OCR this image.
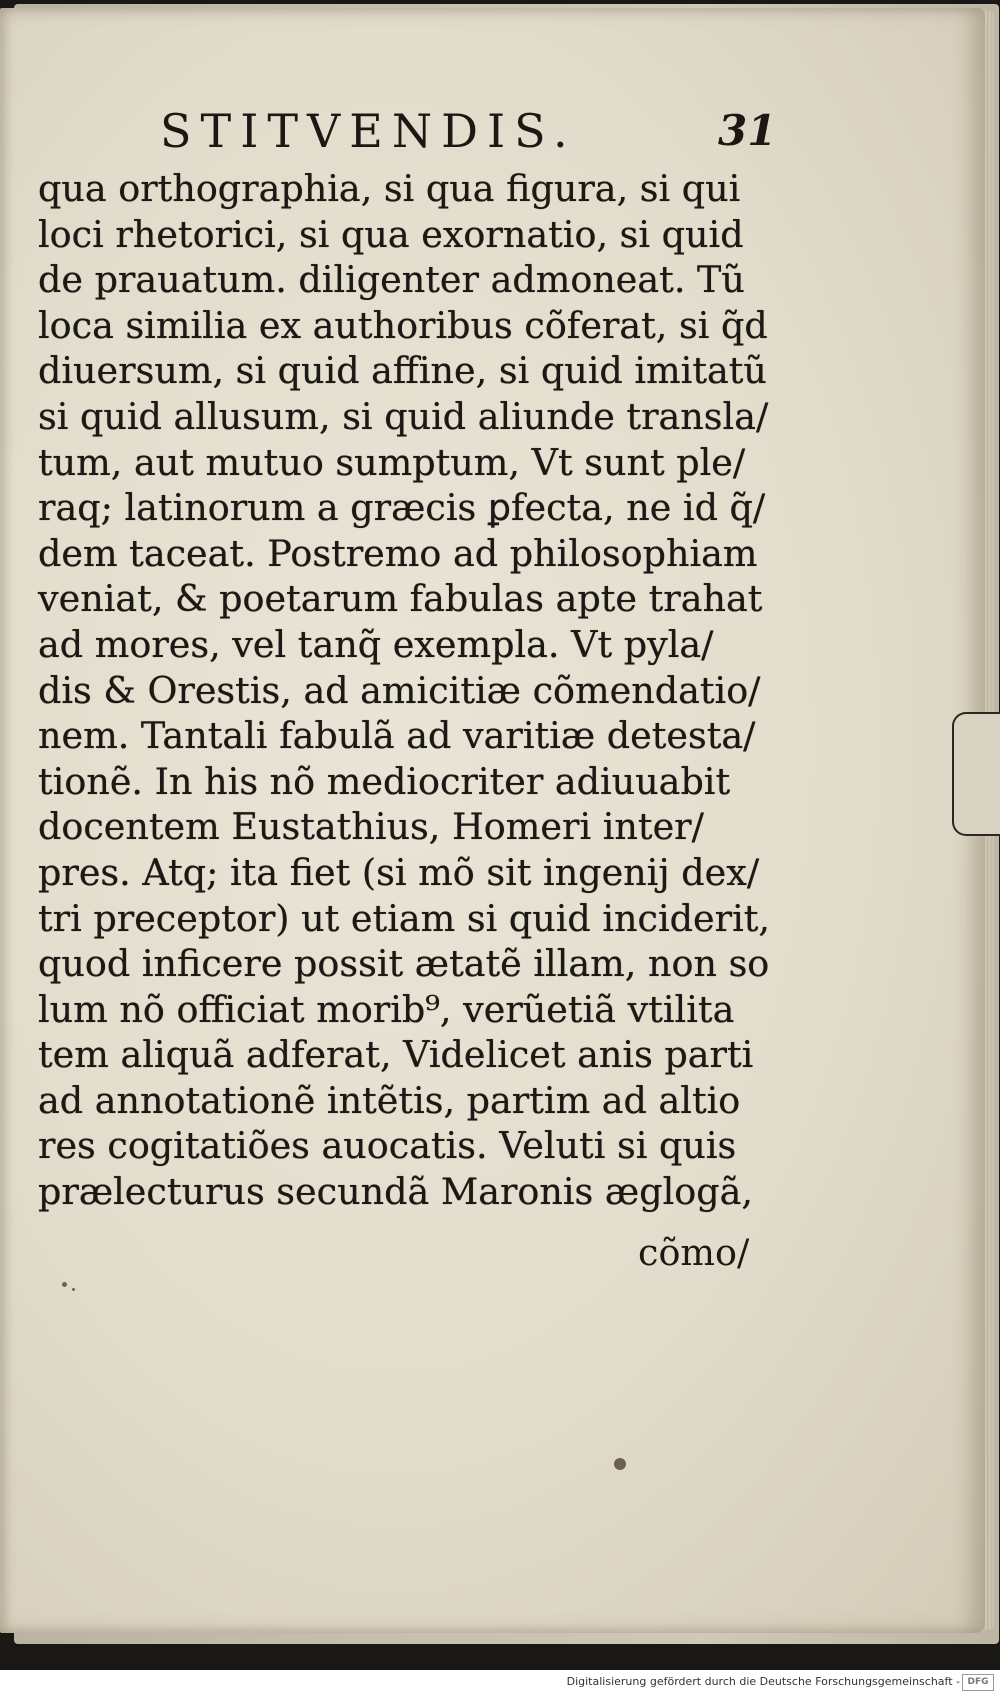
STITVENDIS.	31
qua orthographia, si qua figura, si qui
loci rhetorici, si qua exornatio, si quid
de prauatum. diligenter admoneat. Tũ
loca similia ex authoribus cõferat, si q̃d
diuersum, si quid affine, si quid imitatũ
si quid allusum, si quid aliunde transla/
tum, aut mutuo sumptum, Vt sunt ple/
raq; latinorum a græcis ꝑfecta, ne id q̃/
dem taceat. Postremo ad philosophiam
veniat, & poetarum fabulas apte trahat
ad mores, vel tanq̃ exempla. Vt pyla/
dis & Orestis, ad amicitiæ cõmendatio/
nem. Tantali fabulã ad varitiæ detesta/
tionẽ. In his nõ mediocriter adiuuabit
docentem Eustathius, Homeri inter/
pres. Atq; ita fiet (si mõ sit ingenij dex/
tri preceptor) ut etiam si quid inciderit,
quod inficere possit ætatẽ illam, non so
lum nõ officiat morib⁹, verũetiã vtilita
tem aliquã adferat, Videlicet anis parti
ad annotationẽ intẽtis, partim ad altio
res cogitatiões auocatis. Veluti si quis
prælecturus secundã Maronis æglogã,
cõmo/
Digitalisierung gefördert durch die Deutsche Forschungsgemeinschaft - DFG
